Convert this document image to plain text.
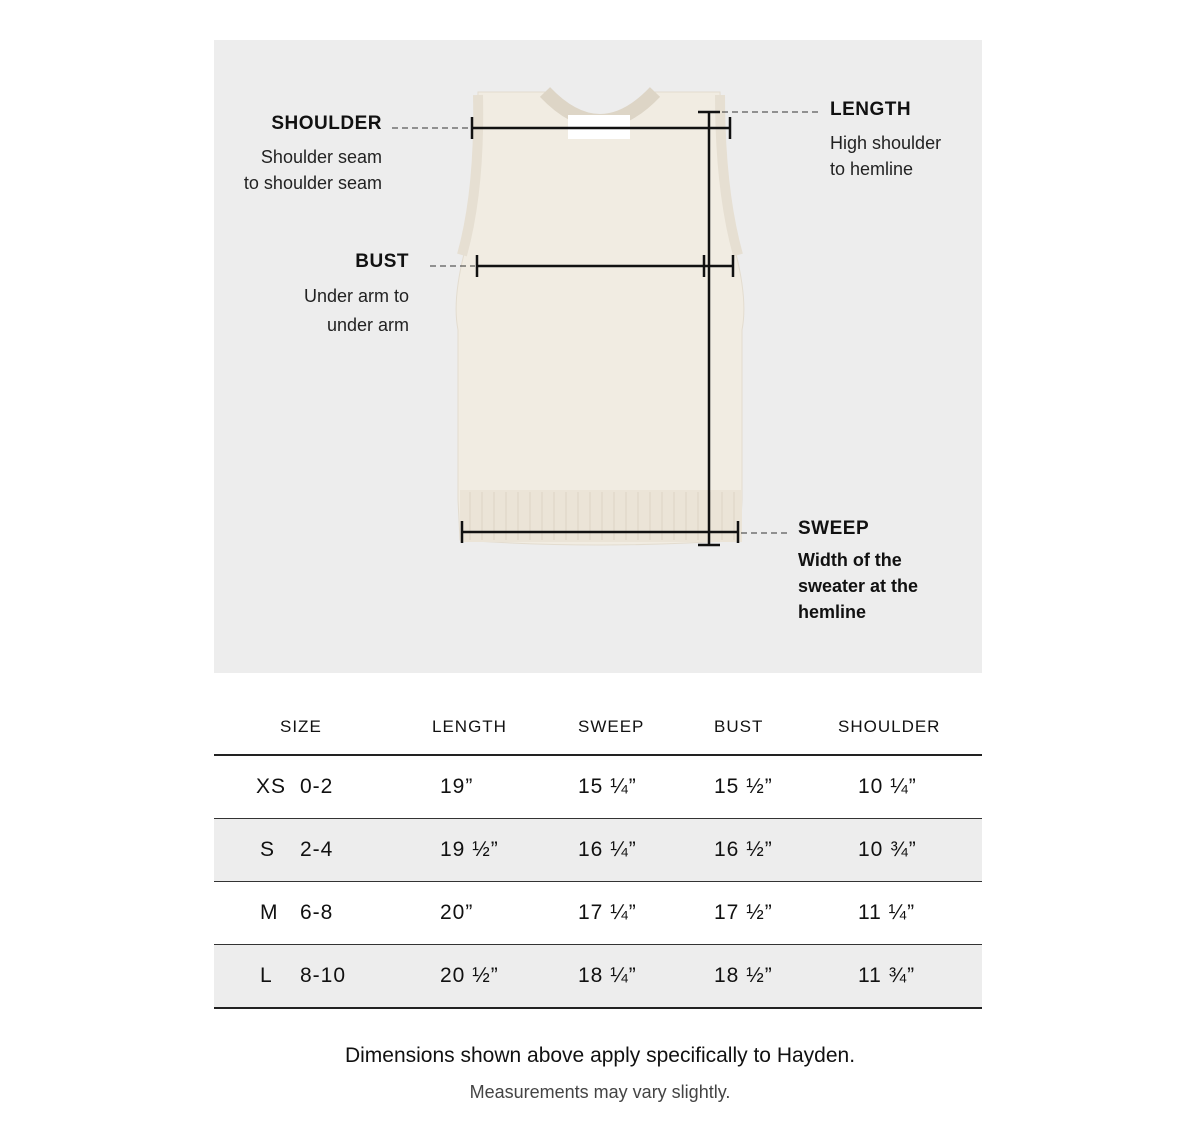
SHOULDER
Shoulder seam
to shoulder seam
BUST
Under arm to
under arm
LENGTH
High shoulder
to hemline
SWEEP
Width of the
sweater at the
hemline
SIZE	LENGTH	SWEEP	BUST	SHOULDER
XS 0-2	19”	15 ¼”	15 ½”	10 ¼”
S 2-4	19 ½”	16 ¼”	16 ½”	10 ¾”
M 6-8	20”	17 ¼”	17 ½”	11 ¼”
L 8-10	20 ½”	18 ¼”	18 ½”	11 ¾”
Dimensions shown above apply specifically to Hayden.
Measurements may vary slightly.
